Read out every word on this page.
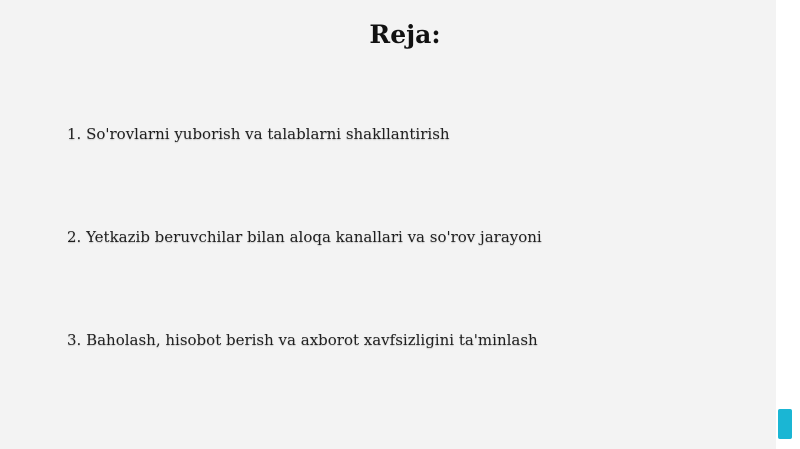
Reja:
1. So'rovlarni yuborish va talablarni shakllantirish
2. Yetkazib beruvchilar bilan aloqa kanallari va so'rov jarayoni
3. Baholash, hisobot berish va axborot xavfsizligini ta'minlash
